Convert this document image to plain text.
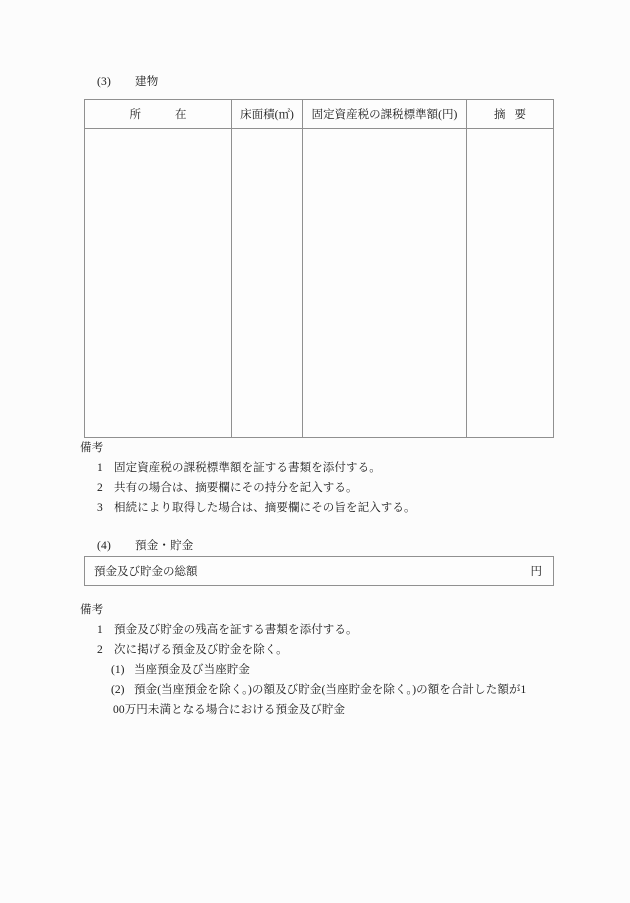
(3) 建物
所 在	床面積(㎡)	固定資産税の課税標準額(円)	摘 要

備考
1 固定資産税の課税標準額を証する書類を添付する。
2 共有の場合は、摘要欄にその持分を記入する。
3 相続により取得した場合は、摘要欄にその旨を記入する。
(4) 預金・貯金
預金及び貯金の総額	円
備考
1 預金及び貯金の残高を証する書類を添付する。
2 次に掲げる預金及び貯金を除く。
(1) 当座預金及び当座貯金
(2) 預金(当座預金を除く。)の額及び貯金(当座貯金を除く。)の額を合計した額が1
00万円未満となる場合における預金及び貯金
